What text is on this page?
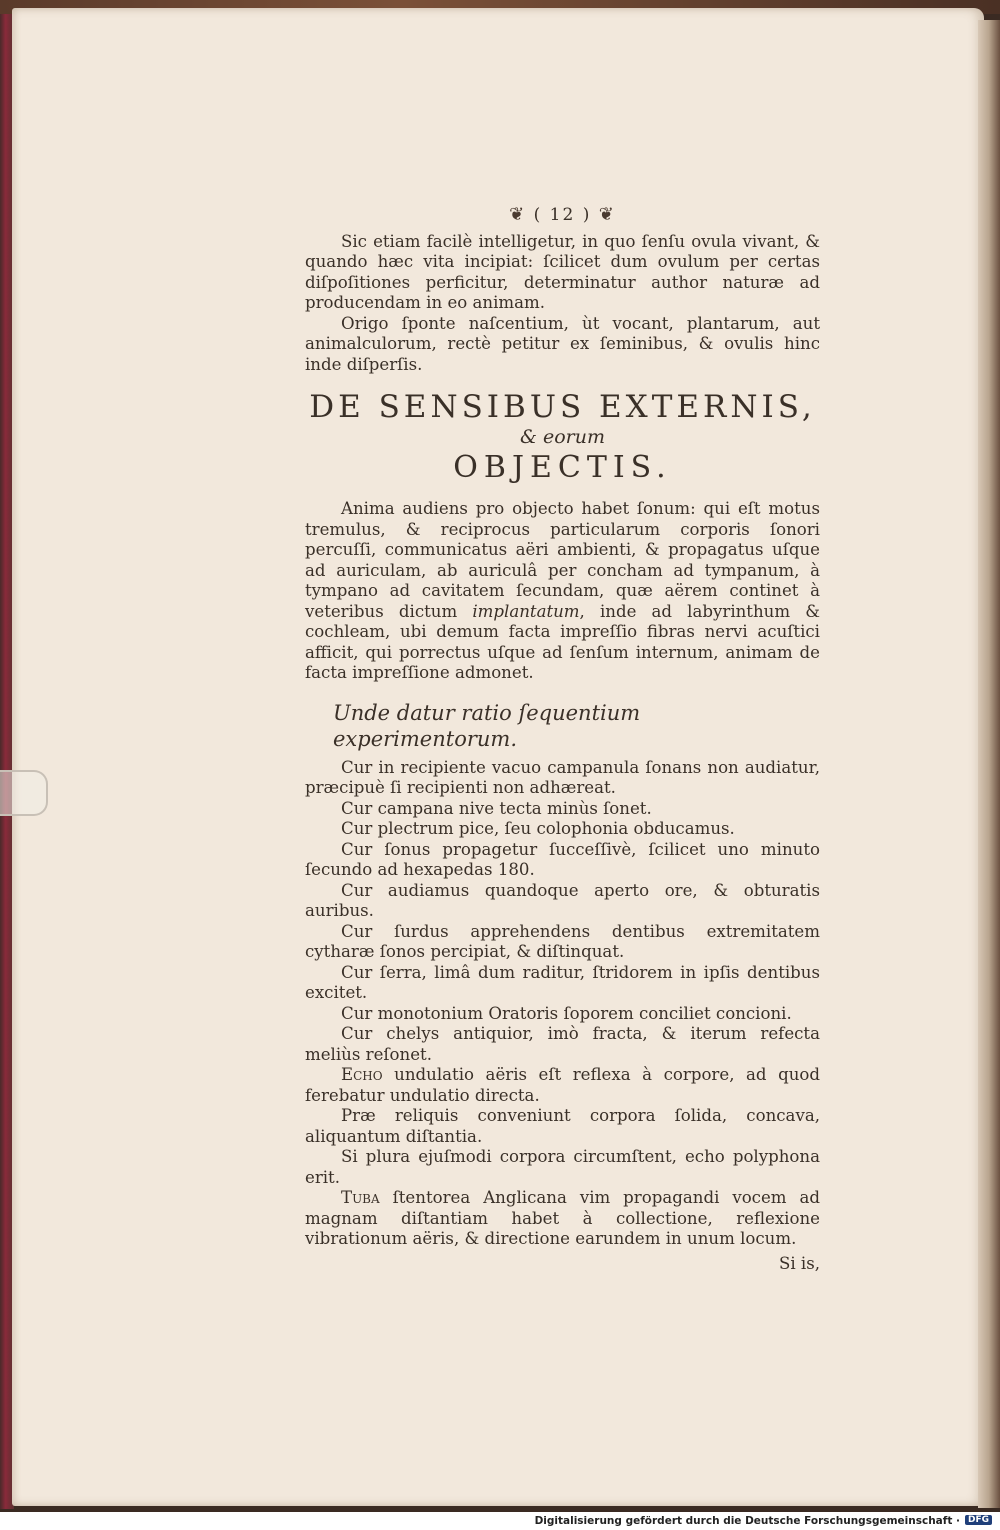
❦ ( 12 ) ❦

Sic etiam facilè intelligetur, in quo ſenſu ovula vivant, & quando hæc vita incipiat: ſcilicet dum ovulum per certas diſpoſitiones perficitur, determinatur author naturæ ad producendam in eo animam.

Origo ſponte naſcentium, ùt vocant, plantarum, aut animalculorum, rectè petitur ex ſeminibus, & ovulis hinc inde diſperſis.

DE SENSIBUS EXTERNIS,
& eorum
OBJECTIS.

Anima audiens pro objecto habet ſonum: qui eſt motus tremulus, & reciprocus particularum corporis ſonori percuſſi, communicatus aëri ambienti, & propagatus uſque ad auriculam, ab auriculâ per concham ad tympanum, à tympano ad cavitatem ſecundam, quæ aërem continet à veteribus dictum implantatum, inde ad labyrinthum & cochleam, ubi demum facta impreſſio fibras nervi acuſtici afficit, qui porrectus uſque ad ſenſum internum, animam de facta impreſſione admonet.

Unde datur ratio ſequentium experimentorum.

Cur in recipiente vacuo campanula ſonans non audiatur, præcipuè ſi recipienti non adhæreat.

Cur campana nive tecta minùs ſonet.

Cur plectrum pice, ſeu colophonia obducamus.

Cur ſonus propagetur ſucceſſivè, ſcilicet uno minuto ſecundo ad hexapedas 180.

Cur audiamus quandoque aperto ore, & obturatis auribus.

Cur ſurdus apprehendens dentibus extremitatem cytharæ ſonos percipiat, & diſtinquat.

Cur ſerra, limâ dum raditur, ſtridorem in ipſis dentibus excitet.

Cur monotonium Oratoris ſoporem conciliet concioni.

Cur chelys antiquior, imò fracta, & iterum refecta meliùs reſonet.

Echo undulatio aëris eſt reflexa à corpore, ad quod ferebatur undulatio directa.

Præ reliquis conveniunt corpora ſolida, concava, aliquantum diſtantia.

Si plura ejuſmodi corpora circumſtent, echo polyphona erit.

Tuba ſtentorea Anglicana vim propagandi vocem ad magnam diſtantiam habet à collectione, reflexione vibrationum aëris, & directione earundem in unum locum.

Si is,
Digitalisierung gefördert durch die Deutsche Forschungsgemeinschaft · DFG
